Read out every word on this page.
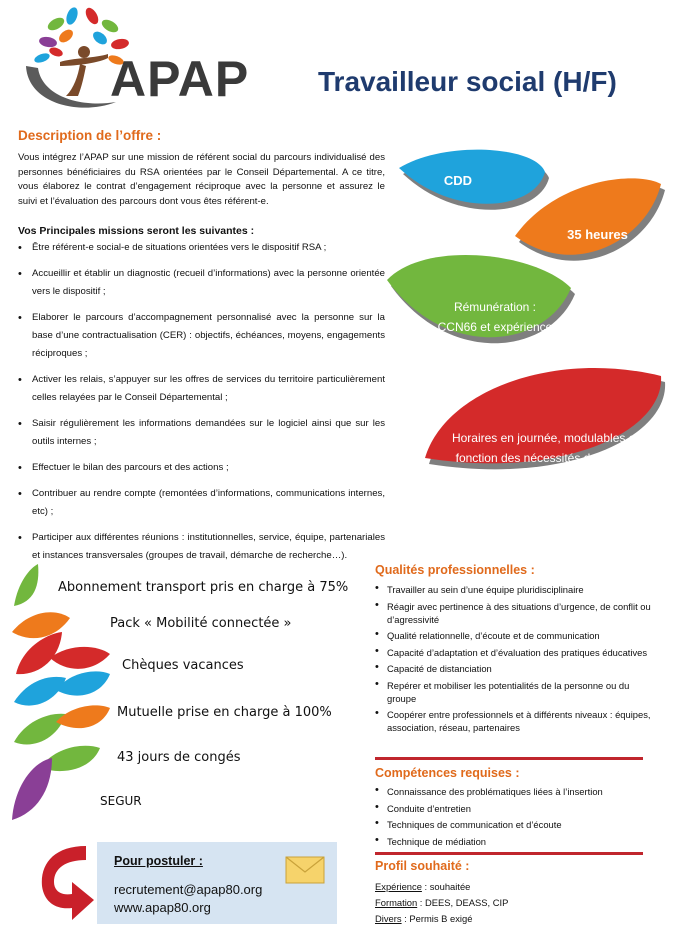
APAP Travailleur social (H/F)
Description de l’offre :
Vous intégrez l’APAP sur une mission de référent social du parcours individualisé des personnes bénéficiaires du RSA orientées par le Conseil Départemental. A ce titre, vous élaborez le contrat d’engagement réciproque avec la personne et assurez le suivi et l’évaluation des parcours dont vous êtes référent-e.
Vos Principales missions seront les suivantes :
• Être référent-e social-e de situations orientées vers le dispositif RSA ;
• Accueillir et établir un diagnostic (recueil d’informations) avec la personne orientée vers le dispositif ;
• Elaborer le parcours d’accompagnement personnalisé avec la personne sur la base d’une contractualisation (CER) : objectifs, échéances, moyens, engagements réciproques ;
• Activer les relais, s’appuyer sur les offres de services du territoire particulièrement celles relayées par le Conseil Départemental ;
• Saisir régulièrement les informations demandées sur le logiciel ainsi que sur les outils internes ;
• Effectuer le bilan des parcours et des actions ;
• Contribuer au rendre compte (remontées d’informations, communications internes, etc) ;
• Participer aux différentes réunions : institutionnelles, service, équipe, partenariales et instances transversales (groupes de travail, démarche de recherche…).
CDD
35 heures
Rémunération :
CCN66 et expérience
Horaires en journée, modulables en
fonction des nécessités de service
Abonnement transport pris en charge à 75%
Pack « Mobilité connectée »
Chèques vacances
Mutuelle prise en charge à 100%
43 jours de congés
SEGUR
Qualités professionnelles :
• Travailler au sein d’une équipe pluridisciplinaire
• Réagir avec pertinence à des situations d’urgence, de conflit ou d’agressivité
• Qualité relationnelle, d’écoute et de communication
• Capacité d’adaptation et d’évaluation des pratiques éducatives
• Capacité de distanciation
• Repérer et mobiliser les potentialités de la personne ou du groupe
• Coopérer entre professionnels et à différents niveaux : équipes, association, réseau, partenaires
Compétences requises :
• Connaissance des problématiques liées à l’insertion
• Conduite d’entretien
• Techniques de communication et d’écoute
• Technique de médiation
Profil souhaité :
Expérience : souhaitée
Formation : DEES, DEASS, CIP
Divers : Permis B exigé
Pour postuler :
recrutement@apap80.org
www.apap80.org
